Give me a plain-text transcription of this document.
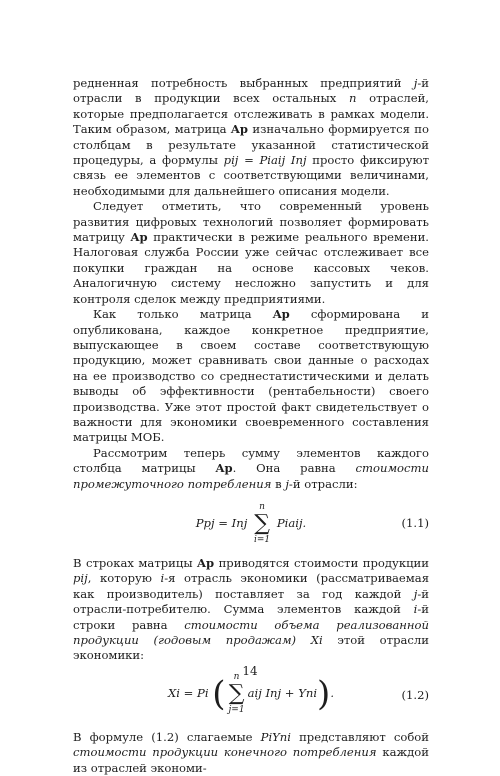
редненная потребность выбранных предприятий j-й отрасли в продукции всех остальных n отраслей, которые предполагается отслеживать в рамках модели. Таким образом, матрица Ap изначально формируется по столбцам в результате указанной статистической процедуры, а формулы pij = Piaij Inj просто фиксируют связь ее элементов с соответствующими величинами, необходимыми для дальнейшего описания модели.

Следует отметить, что современный уровень развития цифровых технологий позволяет формировать матрицу Ap практически в режиме реального времени. Налоговая служба России уже сейчас отслеживает все покупки граждан на основе кассовых чеков. Аналогичную систему несложно запустить и для контроля сделок между предприятиями.

Как только матрица Ap сформирована и опубликована, каждое конкретное предприятие, выпускающее в своем составе соответствующую продукцию, может сравнивать свои данные о расходах на ее производство со среднестатистическими и делать выводы об эффективности (рентабельности) своего производства. Уже этот простой факт свидетельствует о важности для экономики своевременного составления матрицы МОБ.

Рассмотрим теперь сумму элементов каждого столбца матрицы Ap. Она равна стоимости промежуточного потребления в j-й отрасли:

Ppj = Inj
n
∑
i=1
Piaij.	(1.1)

В строках матрицы Ap приводятся стоимости продукции pij, которую i-я отрасль экономики (рассматриваемая как производитель) поставляет за год каждой j-й отрасли-потребителю. Сумма элементов каждой i-й строки равна стоимости объема реализованной продукции (годовым продажам) Xi этой отрасли экономики:

Xi = Pi ( n
∑
j=1
aij Inj + Yni).	(1.2)

В формуле (1.2) слагаемые PiYni представляют собой стоимости продукции конечного потребления каждой из отраслей экономи-

14
